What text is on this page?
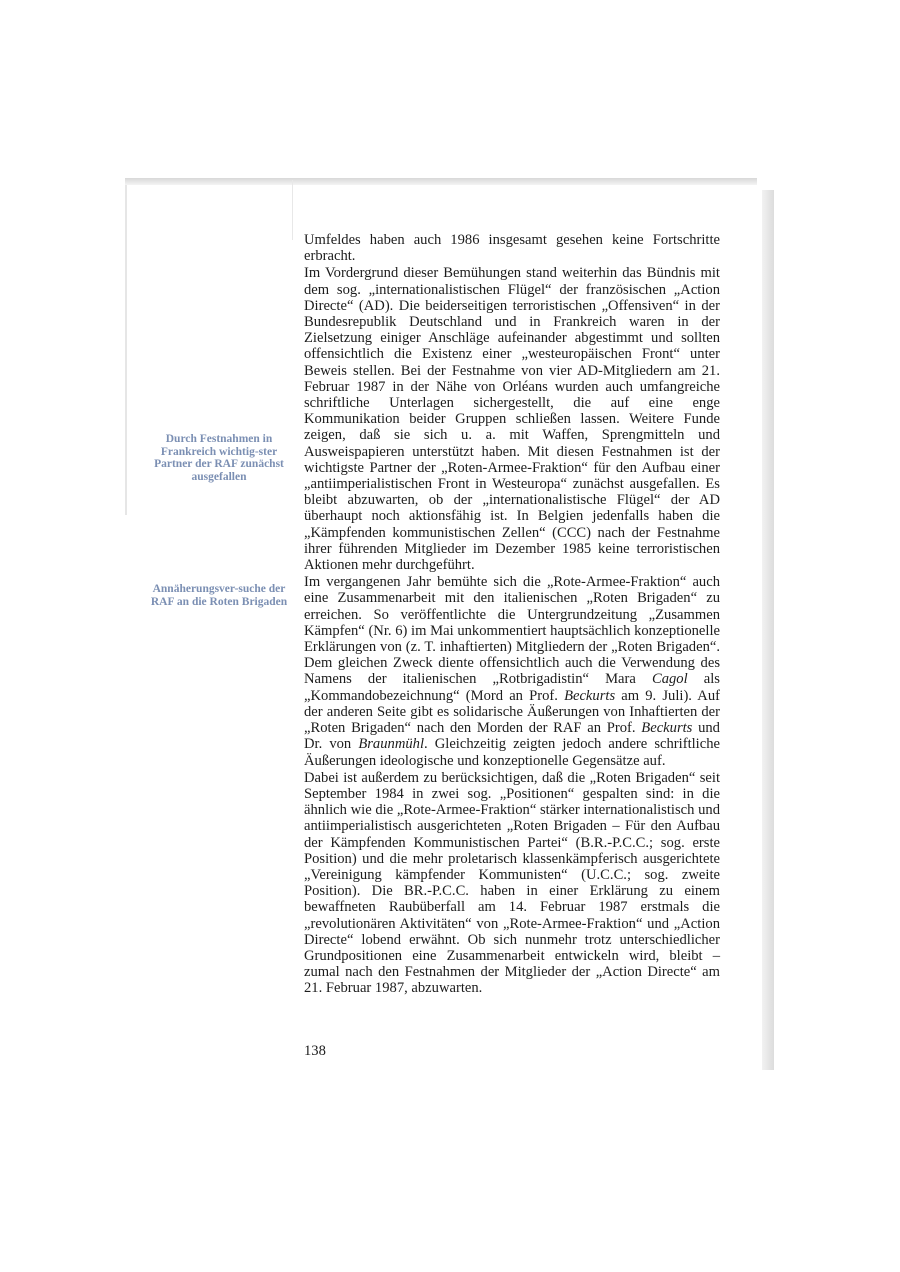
Durch Festnahmen in Frankreich wichtig-ster Partner der RAF zunächst ausgefallen
Annäherungsver-suche der RAF an die Roten Brigaden

Umfeldes haben auch 1986 insgesamt gesehen keine Fortschritte erbracht.

Im Vordergrund dieser Bemühungen stand weiterhin das Bündnis mit dem sog. „internationalistischen Flügel“ der französischen „Action Directe“ (AD). Die beiderseitigen terroristischen „Offensiven“ in der Bundesrepublik Deutschland und in Frankreich waren in der Zielsetzung einiger Anschläge aufeinander abgestimmt und sollten offensichtlich die Existenz einer „westeuropäischen Front“ unter Beweis stellen. Bei der Festnahme von vier AD-Mitgliedern am 21. Februar 1987 in der Nähe von Orléans wurden auch umfangreiche schriftliche Unterlagen sichergestellt, die auf eine enge Kommunikation beider Gruppen schließen lassen. Weitere Funde zeigen, daß sie sich u. a. mit Waffen, Sprengmitteln und Ausweispapieren unterstützt haben. Mit diesen Festnahmen ist der wichtigste Partner der „Roten-Armee-Fraktion“ für den Aufbau einer „antiimperialistischen Front in Westeuropa“ zunächst ausgefallen. Es bleibt abzuwarten, ob der „internationalistische Flügel“ der AD überhaupt noch aktionsfähig ist. In Belgien jedenfalls haben die „Kämpfenden kommunistischen Zellen“ (CCC) nach der Festnahme ihrer führenden Mitglieder im Dezember 1985 keine terroristischen Aktionen mehr durchgeführt.

Im vergangenen Jahr bemühte sich die „Rote-Armee-Fraktion“ auch eine Zusammenarbeit mit den italienischen „Roten Brigaden“ zu erreichen. So veröffentlichte die Untergrundzeitung „Zusammen Kämpfen“ (Nr. 6) im Mai unkommentiert hauptsächlich konzeptionelle Erklärungen von (z. T. inhaftierten) Mitgliedern der „Roten Brigaden“. Dem gleichen Zweck diente offensichtlich auch die Verwendung des Namens der italienischen „Rotbrigadistin“ Mara Cagol als „Kommandobezeichnung“ (Mord an Prof. Beckurts am 9. Juli). Auf der anderen Seite gibt es solidarische Äußerungen von Inhaftierten der „Roten Brigaden“ nach den Morden der RAF an Prof. Beckurts und Dr. von Braunmühl. Gleichzeitig zeigten jedoch andere schriftliche Äußerungen ideologische und konzeptionelle Gegensätze auf.

Dabei ist außerdem zu berücksichtigen, daß die „Roten Brigaden“ seit September 1984 in zwei sog. „Positionen“ gespalten sind: in die ähnlich wie die „Rote-Armee-Fraktion“ stärker internationalistisch und antiimperialistisch ausgerichteten „Roten Brigaden – Für den Aufbau der Kämpfenden Kommunistischen Partei“ (B.R.-P.C.C.; sog. erste Position) und die mehr proletarisch klassenkämpferisch ausgerichtete „Vereinigung kämpfender Kommunisten“ (U.C.C.; sog. zweite Position). Die BR.-P.C.C. haben in einer Erklärung zu einem bewaffneten Raubüberfall am 14. Februar 1987 erstmals die „revolutionären Aktivitäten“ von „Rote-Armee-Fraktion“ und „Action Directe“ lobend erwähnt. Ob sich nunmehr trotz unterschiedlicher Grundpositionen eine Zusammenarbeit entwickeln wird, bleibt – zumal nach den Festnahmen der Mitglieder der „Action Directe“ am 21. Februar 1987, abzuwarten.

138
